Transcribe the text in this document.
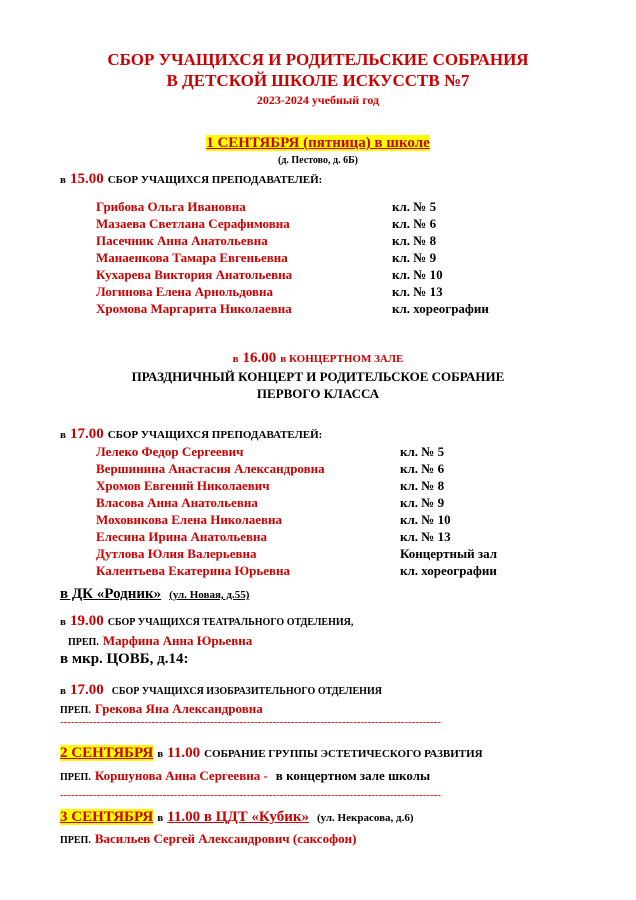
СБОР УЧАЩИХСЯ И РОДИТЕЛЬСКИЕ СОБРАНИЯ
В ДЕТСКОЙ ШКОЛЕ ИСКУССТВ №7
2023-2024 учебный год
1 СЕНТЯБРЯ (пятница) в школе
(д. Пестово, д. 6Б)
в 15.00 СБОР УЧАЩИХСЯ ПРЕПОДАВАТЕЛЕЙ:
Грибова Ольга Ивановна	кл. № 5
Мазаева Светлана Серафимовна	кл. № 6
Пасечник Анна Анатольевна	кл. № 8
Манаенкова Тамара Евгеньевна	кл. № 9
Кухарева Виктория Анатольевна	кл. № 10
Логинова Елена Арнольдовна	кл. № 13
Хромова Маргарита Николаевна	кл. хореографии
в 16.00 в КОНЦЕРТНОМ ЗАЛЕ
ПРАЗДНИЧНЫЙ КОНЦЕРТ И РОДИТЕЛЬСКОЕ СОБРАНИЕ
ПЕРВОГО КЛАССА
в 17.00 СБОР УЧАЩИХСЯ ПРЕПОДАВАТЕЛЕЙ:
Лелеко Федор Сергеевич	кл. № 5
Вершинина Анастасия Александровна	кл. № 6
Хромов Евгений Николаевич	кл. № 8
Власова Анна Анатольевна	кл. № 9
Моховикова Елена Николаевна	кл. № 10
Елесина Ирина Анатольевна	кл. № 13
Дутлова Юлия Валерьевна	Концертный зал
Калентьева Екатерина Юрьевна	кл. хореографии
в ДК «Родник» (ул. Новая, д.55)
в 19.00 СБОР УЧАЩИХСЯ ТЕАТРАЛЬНОГО ОТДЕЛЕНИЯ,
ПРЕП. Марфина Анна Юрьевна
в мкр. ЦОВБ, д.14:
в 17.00 СБОР УЧАЩИХСЯ ИЗОБРАЗИТЕЛЬНОГО ОТДЕЛЕНИЯ
ПРЕП. Грекова Яна Александровна
--------------------------------------------------------------------------------------------------------
2 СЕНТЯБРЯ в 11.00 СОБРАНИЕ ГРУППЫ ЭСТЕТИЧЕСКОГО РАЗВИТИЯ
ПРЕП. Коршунова Анна Сергеевна - в концертном зале школы
--------------------------------------------------------------------------------------------------------
3 СЕНТЯБРЯ в 11.00 в ЦДТ «Кубик» (ул. Некрасова, д.6)
ПРЕП. Васильев Сергей Александрович (саксофон)
